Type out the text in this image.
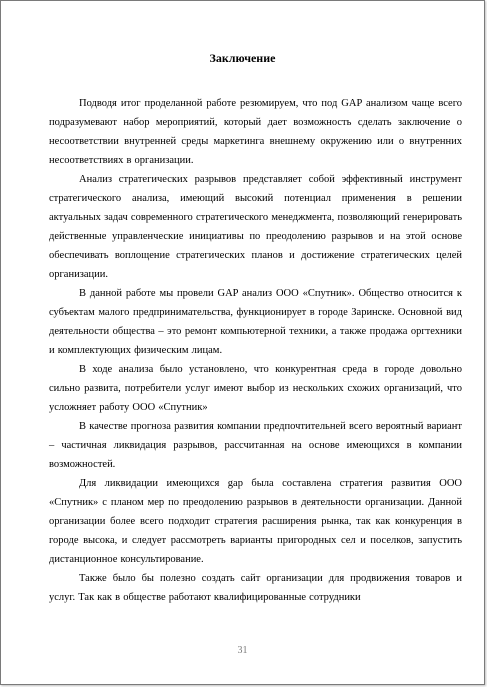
Заключение

Подводя итог проделанной работе резюмируем, что под GAP анализом чаще всего подразумевают набор мероприятий, который дает возможность сделать заключение о несоответствии внутренней среды маркетинга внешнему окружению или о внутренних несоответствиях в организации.

Анализ стратегических разрывов представляет собой эффективный инструмент стратегического анализа, имеющий высокий потенциал применения в решении актуальных задач современного стратегического менеджмента, позволяющий генерировать действенные управленческие инициативы по преодолению разрывов и на этой основе обеспечивать воплощение стратегических планов и достижение стратегических целей организации.

В данной работе мы провели GAP анализ ООО «Спутник». Общество относится к субъектам малого предпринимательства, функционирует в городе Заринске. Основной вид деятельности общества – это ремонт компьютерной техники, а также продажа оргтехники и комплектующих физическим лицам.

В ходе анализа было установлено, что конкурентная среда в городе довольно сильно развита, потребители услуг имеют выбор из нескольких схожих организаций, что усложняет работу ООО «Спутник»

В качестве прогноза развития компании предпочтительней всего вероятный вариант – частичная ликвидация разрывов, рассчитанная на основе имеющихся в компании возможностей.

Для ликвидации имеющихся gap была составлена стратегия развития ООО «Спутник» с планом мер по преодолению разрывов в деятельности организации. Данной организации более всего подходит стратегия расширения рынка, так как конкуренция в городе высока, и следует рассмотреть варианты пригородных сел и поселков, запустить дистанционное консультирование.

Также было бы полезно создать сайт организации для продвижения товаров и услуг. Так как в обществе работают квалифицированные сотрудники

31
